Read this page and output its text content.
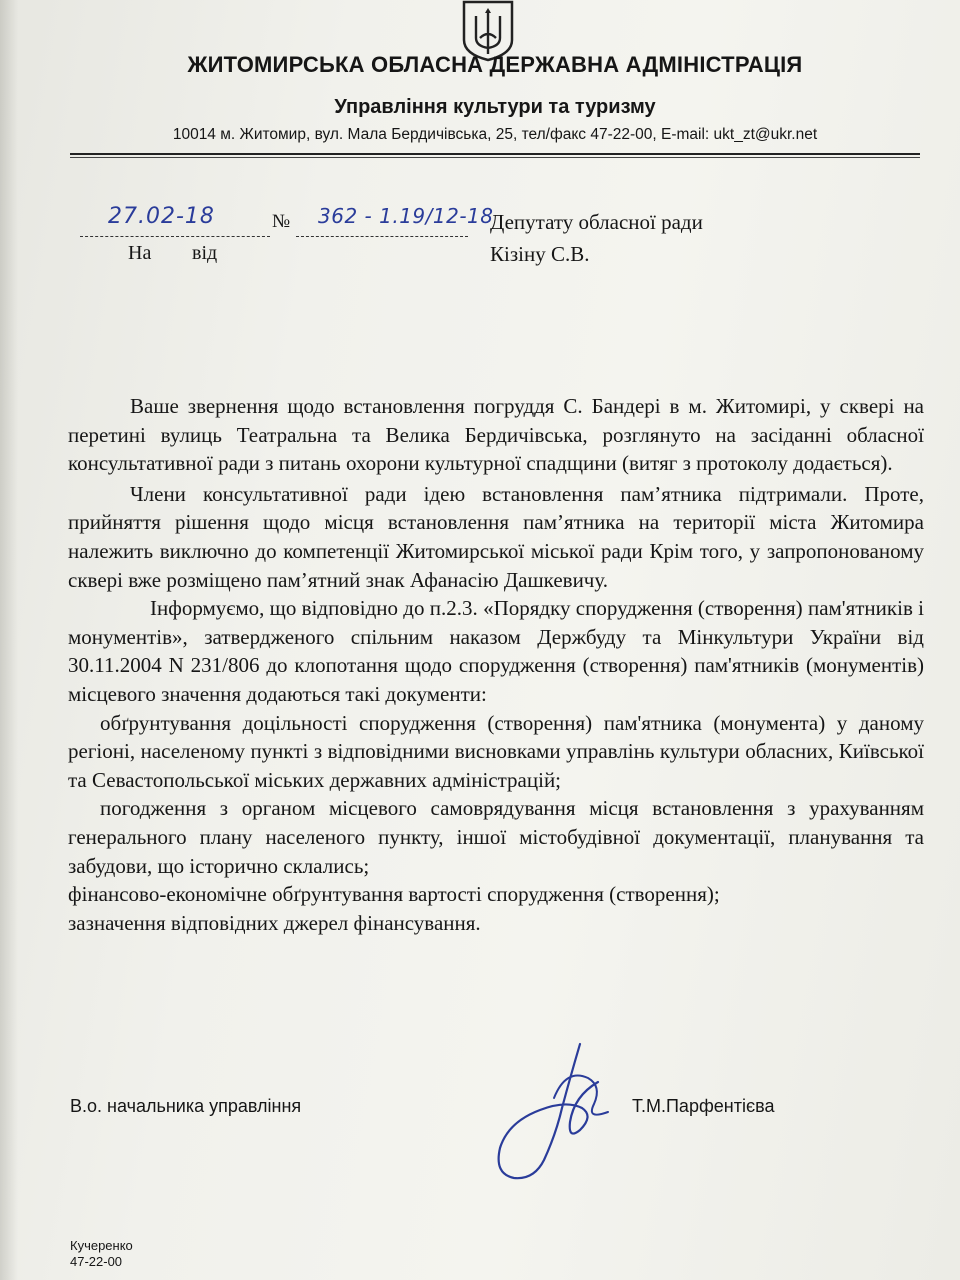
ЖИТОМИРСЬКА ОБЛАСНА ДЕРЖАВНА АДМІНІСТРАЦІЯ
Управління культури та туризму
10014 м. Житомир, вул. Мала Бердичівська, 25, тел/факс 47-22-00, E-mail: ukt_zt@ukr.net
27.02-18	№ 362 - 1.19/12-18
На від
Депутату обласної ради
Кізіну С.В.

Ваше звернення щодо встановлення погруддя С. Бандері в м. Житомирі, у сквері на перетині вулиць Театральна та Велика Бердичівська, розглянуто на засіданні обласної консультативної ради з питань охорони культурної спадщини (витяг з протоколу додається).

Члени консультативної ради ідею встановлення пам’ятника підтримали. Проте, прийняття рішення щодо місця встановлення пам’ятника на території міста Житомира належить виключно до компетенції Житомирської міської ради Крім того, у запропонованому сквері вже розміщено пам’ятний знак Афанасію Дашкевичу.

Інформуємо, що відповідно до п.2.3. «Порядку спорудження (створення) пам'ятників і монументів», затвердженого спільним наказом Держбуду та Мінкультури України від 30.11.2004 N 231/806 до клопотання щодо спорудження (створення) пам'ятників (монументів) місцевого значення додаються такі документи:

обґрунтування доцільності спорудження (створення) пам'ятника (монумента) у даному регіоні, населеному пункті з відповідними висновками управлінь культури обласних, Київської та Севастопольської міських державних адміністрацій;

погодження з органом місцевого самоврядування місця встановлення з урахуванням генерального плану населеного пункту, іншої містобудівної документації, планування та забудови, що історично склались;

фінансово-економічне обґрунтування вартості спорудження (створення);

зазначення відповідних джерел фінансування.

В.о. начальника управління	Т.М.Парфентієва
Кучеренко
47-22-00
